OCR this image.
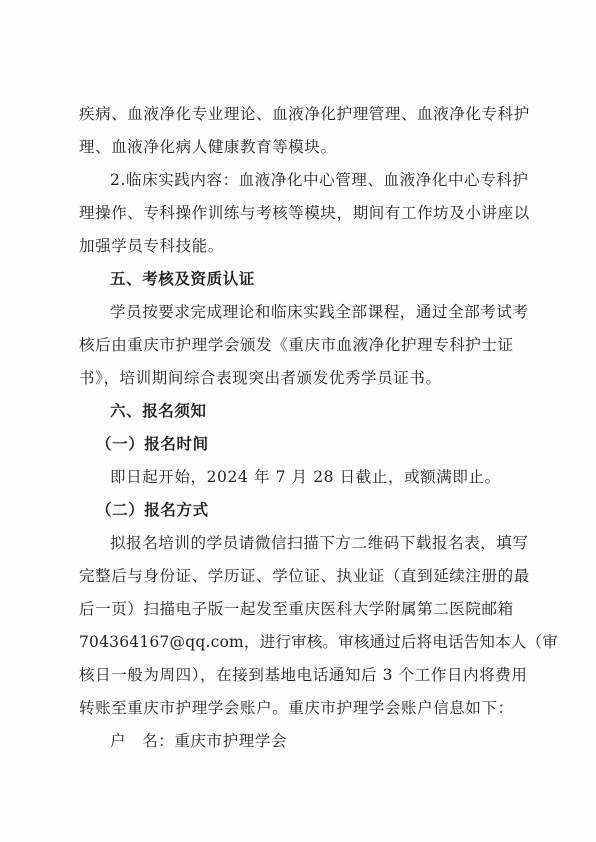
疾病、血液净化专业理论、血液净化护理管理、血液净化专科护
理、血液净化病人健康教育等模块。
2.临床实践内容：血液净化中心管理、血液净化中心专科护
理操作、专科操作训练与考核等模块，期间有工作坊及小讲座以
加强学员专科技能。
五、考核及资质认证
学员按要求完成理论和临床实践全部课程，通过全部考试考
核后由重庆市护理学会颁发《重庆市血液净化护理专科护士证
书》，培训期间综合表现突出者颁发优秀学员证书。
六、报名须知
（一）报名时间
即日起开始，2024 年 7 月 28 日截止，或额满即止。
（二）报名方式
拟报名培训的学员请微信扫描下方二维码下载报名表，填写
完整后与身份证、学历证、学位证、执业证（直到延续注册的最
后一页）扫描电子版一起发至重庆医科大学附属第二医院邮箱
704364167@qq.com，进行审核。审核通过后将电话告知本人（审
核日一般为周四），在接到基地电话通知后 3 个工作日内将费用
转账至重庆市护理学会账户。重庆市护理学会账户信息如下：
户　名：重庆市护理学会
